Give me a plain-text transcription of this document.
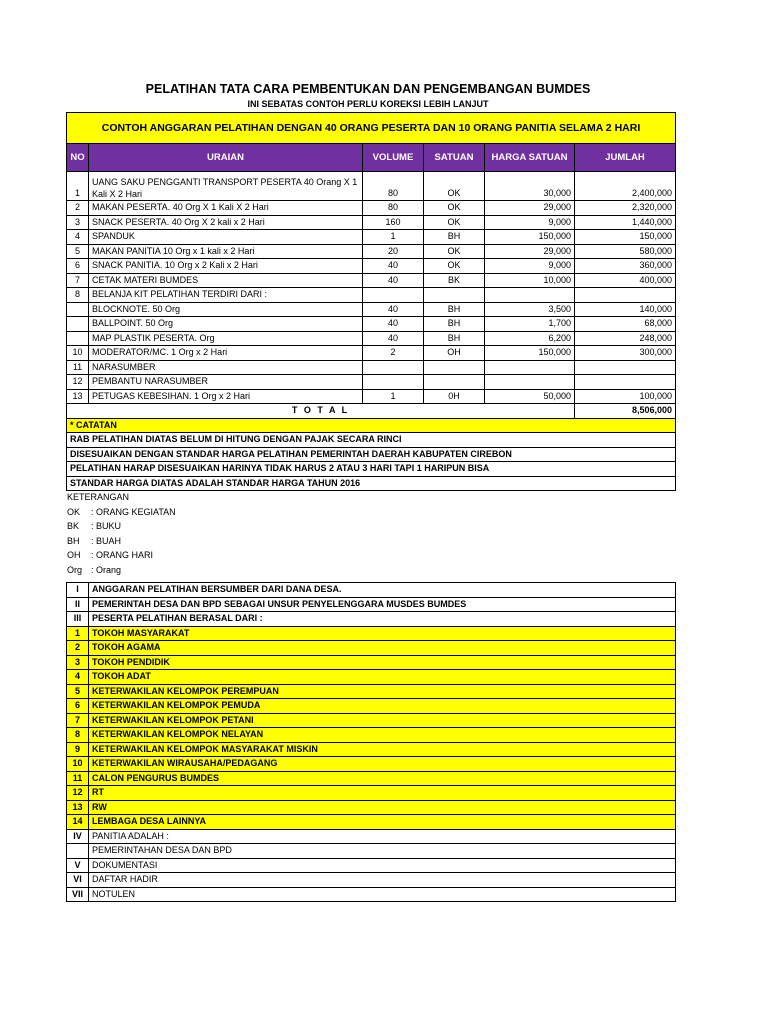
PELATIHAN TATA CARA PEMBENTUKAN DAN PENGEMBANGAN BUMDES
INI SEBATAS CONTOH PERLU KOREKSI LEBIH LANJUT
CONTOH ANGGARAN PELATIHAN DENGAN 40 ORANG PESERTA DAN 10 ORANG PANITIA SELAMA 2 HARI					
NO	URAIAN	VOLUME	SATUAN	HARGA SATUAN	JUMLAH
1	UANG SAKU PENGGANTI TRANSPORT PESERTA 40 Orang X 1 Kali X 2 Hari	80	OK	30,000	2,400,000
2	MAKAN PESERTA. 40 Org X 1 Kali X 2 Hari	80	OK	29,000	2,320,000
3	SNACK PESERTA. 40 Org X 2 kali x 2 Hari	160	OK	9,000	1,440,000
4	SPANDUK	1	BH	150,000	150,000
5	MAKAN PANITIA 10 Org x 1 kali x 2 Hari	20	OK	29,000	580,000
6	SNACK PANITIA. 10 Org x 2 Kali x 2 Hari	40	OK	9,000	360,000
7	CETAK MATERI BUMDES	40	BK	10,000	400,000
8	BELANJA KIT PELATIHAN TERDIRI DARI :				
	BLOCKNOTE. 50 Org	40	BH	3,500	140,000
	BALLPOINT. 50 Org	40	BH	1,700	68,000
	MAP PLASTIK PESERTA. Org	40	BH	6,200	248,000
10	MODERATOR/MC. 1 Org x 2 Hari	2	OH	150,000	300,000
11	NARASUMBER				
12	PEMBANTU NARASUMBER				
13	PETUGAS KEBESIHAN. 1 Org x 2 Hari	1	0H	50,000	100,000
T O T A L					8,506,000
* CATATAN					
RAB PELATIHAN DIATAS BELUM DI HITUNG DENGAN PAJAK SECARA RINCI					
DISESUAIKAN DENGAN STANDAR HARGA PELATIHAN PEMERINTAH DAERAH KABUPATEN CIREBON					
PELATIHAN HARAP DISESUAIKAN HARINYA TIDAK HARUS 2 ATAU 3 HARI TAPI 1 HARIPUN BISA					
STANDAR HARGA DIATAS ADALAH STANDAR HARGA TAHUN 2016					
KETERANGAN
OK : ORANG KEGIATAN
BK : BUKU
BH : BUAH
OH : ORANG HARI
Org : Orang
I	ANGGARAN PELATIHAN BERSUMBER DARI DANA DESA.
II	PEMERINTAH DESA DAN BPD SEBAGAI UNSUR PENYELENGGARA MUSDES BUMDES
III	PESERTA PELATIHAN BERASAL DARI :
1	TOKOH MASYARAKAT
2	TOKOH AGAMA
3	TOKOH PENDIDIK
4	TOKOH ADAT
5	KETERWAKILAN KELOMPOK PEREMPUAN
6	KETERWAKILAN KELOMPOK PEMUDA
7	KETERWAKILAN KELOMPOK PETANI
8	KETERWAKILAN KELOMPOK NELAYAN
9	KETERWAKILAN KELOMPOK MASYARAKAT MISKIN
10	KETERWAKILAN WIRAUSAHA/PEDAGANG
11	CALON PENGURUS BUMDES
12	RT
13	RW
14	LEMBAGA DESA LAINNYA
IV	PANITIA ADALAH :
	PEMERINTAHAN DESA DAN BPD
V	DOKUMENTASI
VI	DAFTAR HADIR
VII	NOTULEN
